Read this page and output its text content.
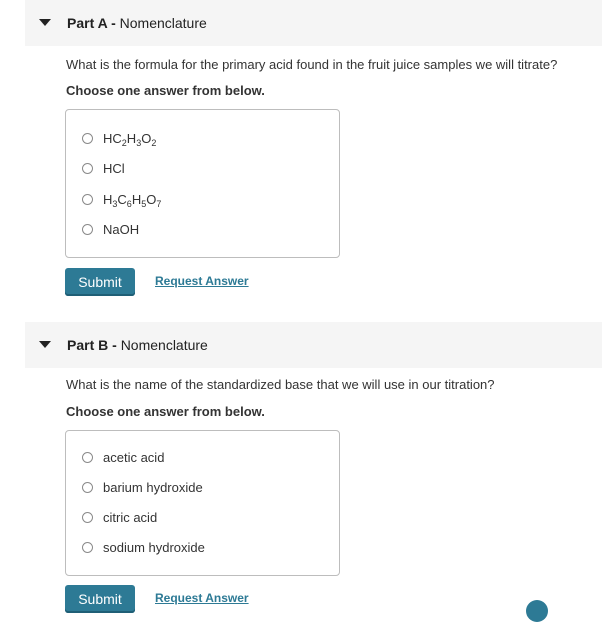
Part A - Nomenclature
What is the formula for the primary acid found in the fruit juice samples we will titrate?
Choose one answer from below.
$HC_2H_3O_2$
HCl
$H_3C_6H_5O_7$
NaOH
Submit	Request Answer
Part B - Nomenclature
What is the name of the standardized base that we will use in our titration?
Choose one answer from below.
acetic acid
barium hydroxide
citric acid
sodium hydroxide
Submit	Request Answer
